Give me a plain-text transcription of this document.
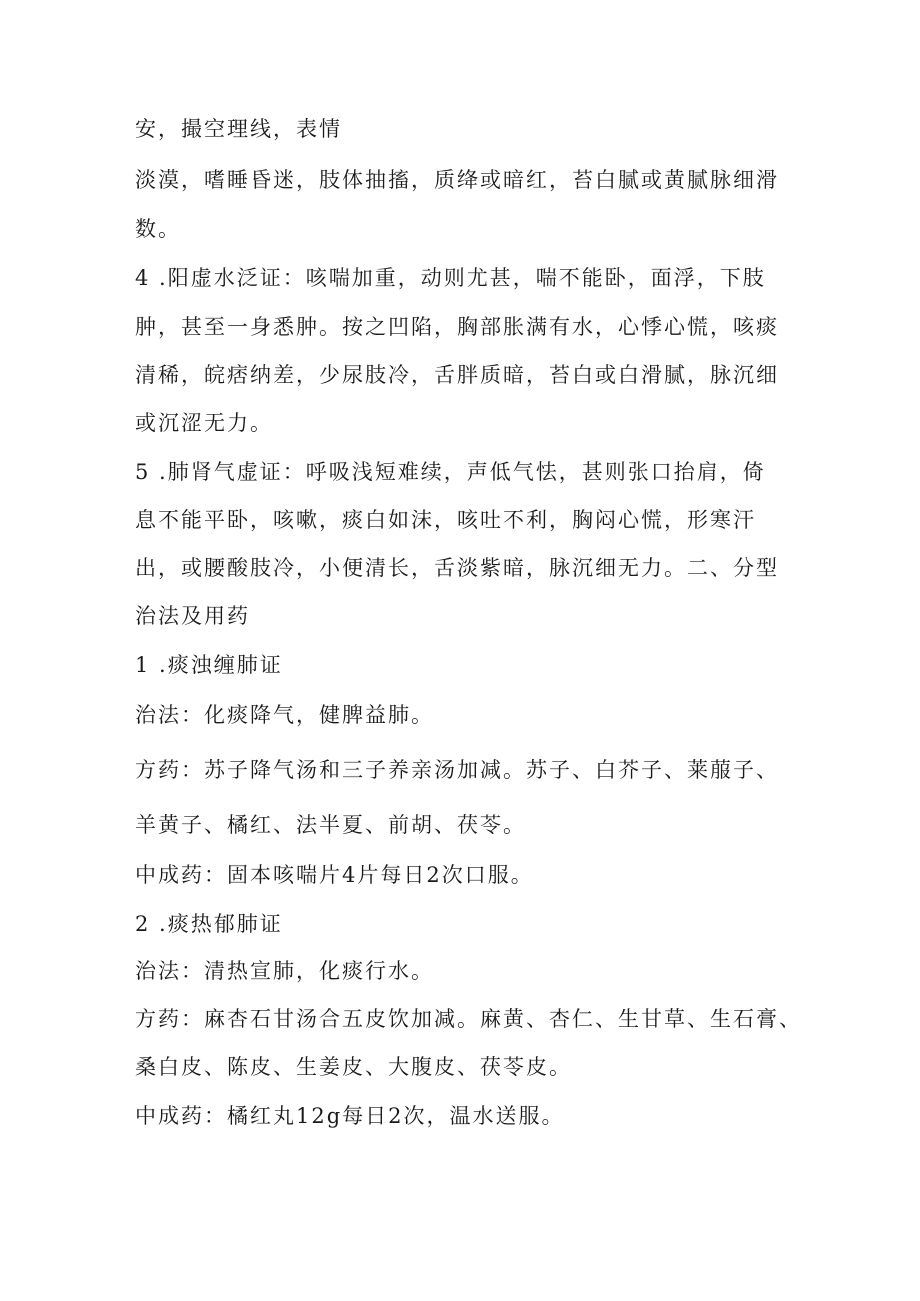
安，撮空理线，表情
淡漠，嗜睡昏迷，肢体抽搐，质绛或暗红，苔白腻或黄腻脉细滑
数。
4 .阳虚水泛证：咳喘加重，动则尤甚，喘不能卧，面浮，下肢
肿，甚至一身悉肿。按之凹陷，胸部胀满有水，心悸心慌，咳痰
清稀，皖痞纳差，少尿肢冷，舌胖质暗，苔白或白滑腻，脉沉细
或沉涩无力。
5 .肺肾气虚证：呼吸浅短难续，声低气怯，甚则张口抬肩，倚
息不能平卧，咳嗽，痰白如沫，咳吐不利，胸闷心慌，形寒汗
出，或腰酸肢冷，小便清长，舌淡紫暗，脉沉细无力。二、分型
治法及用药
1 .痰浊缠肺证
治法：化痰降气，健脾益肺。
方药：苏子降气汤和三子养亲汤加减。苏子、白芥子、莱菔子、
羊黄子、橘红、法半夏、前胡、茯苓。
中成药：固本咳喘片4片每日2次口服。
2 .痰热郁肺证
治法：清热宣肺，化痰行水。
方药：麻杏石甘汤合五皮饮加减。麻黄、杏仁、生甘草、生石膏、
桑白皮、陈皮、生姜皮、大腹皮、茯苓皮。
中成药：橘红丸12g每日2次，温水送服。
